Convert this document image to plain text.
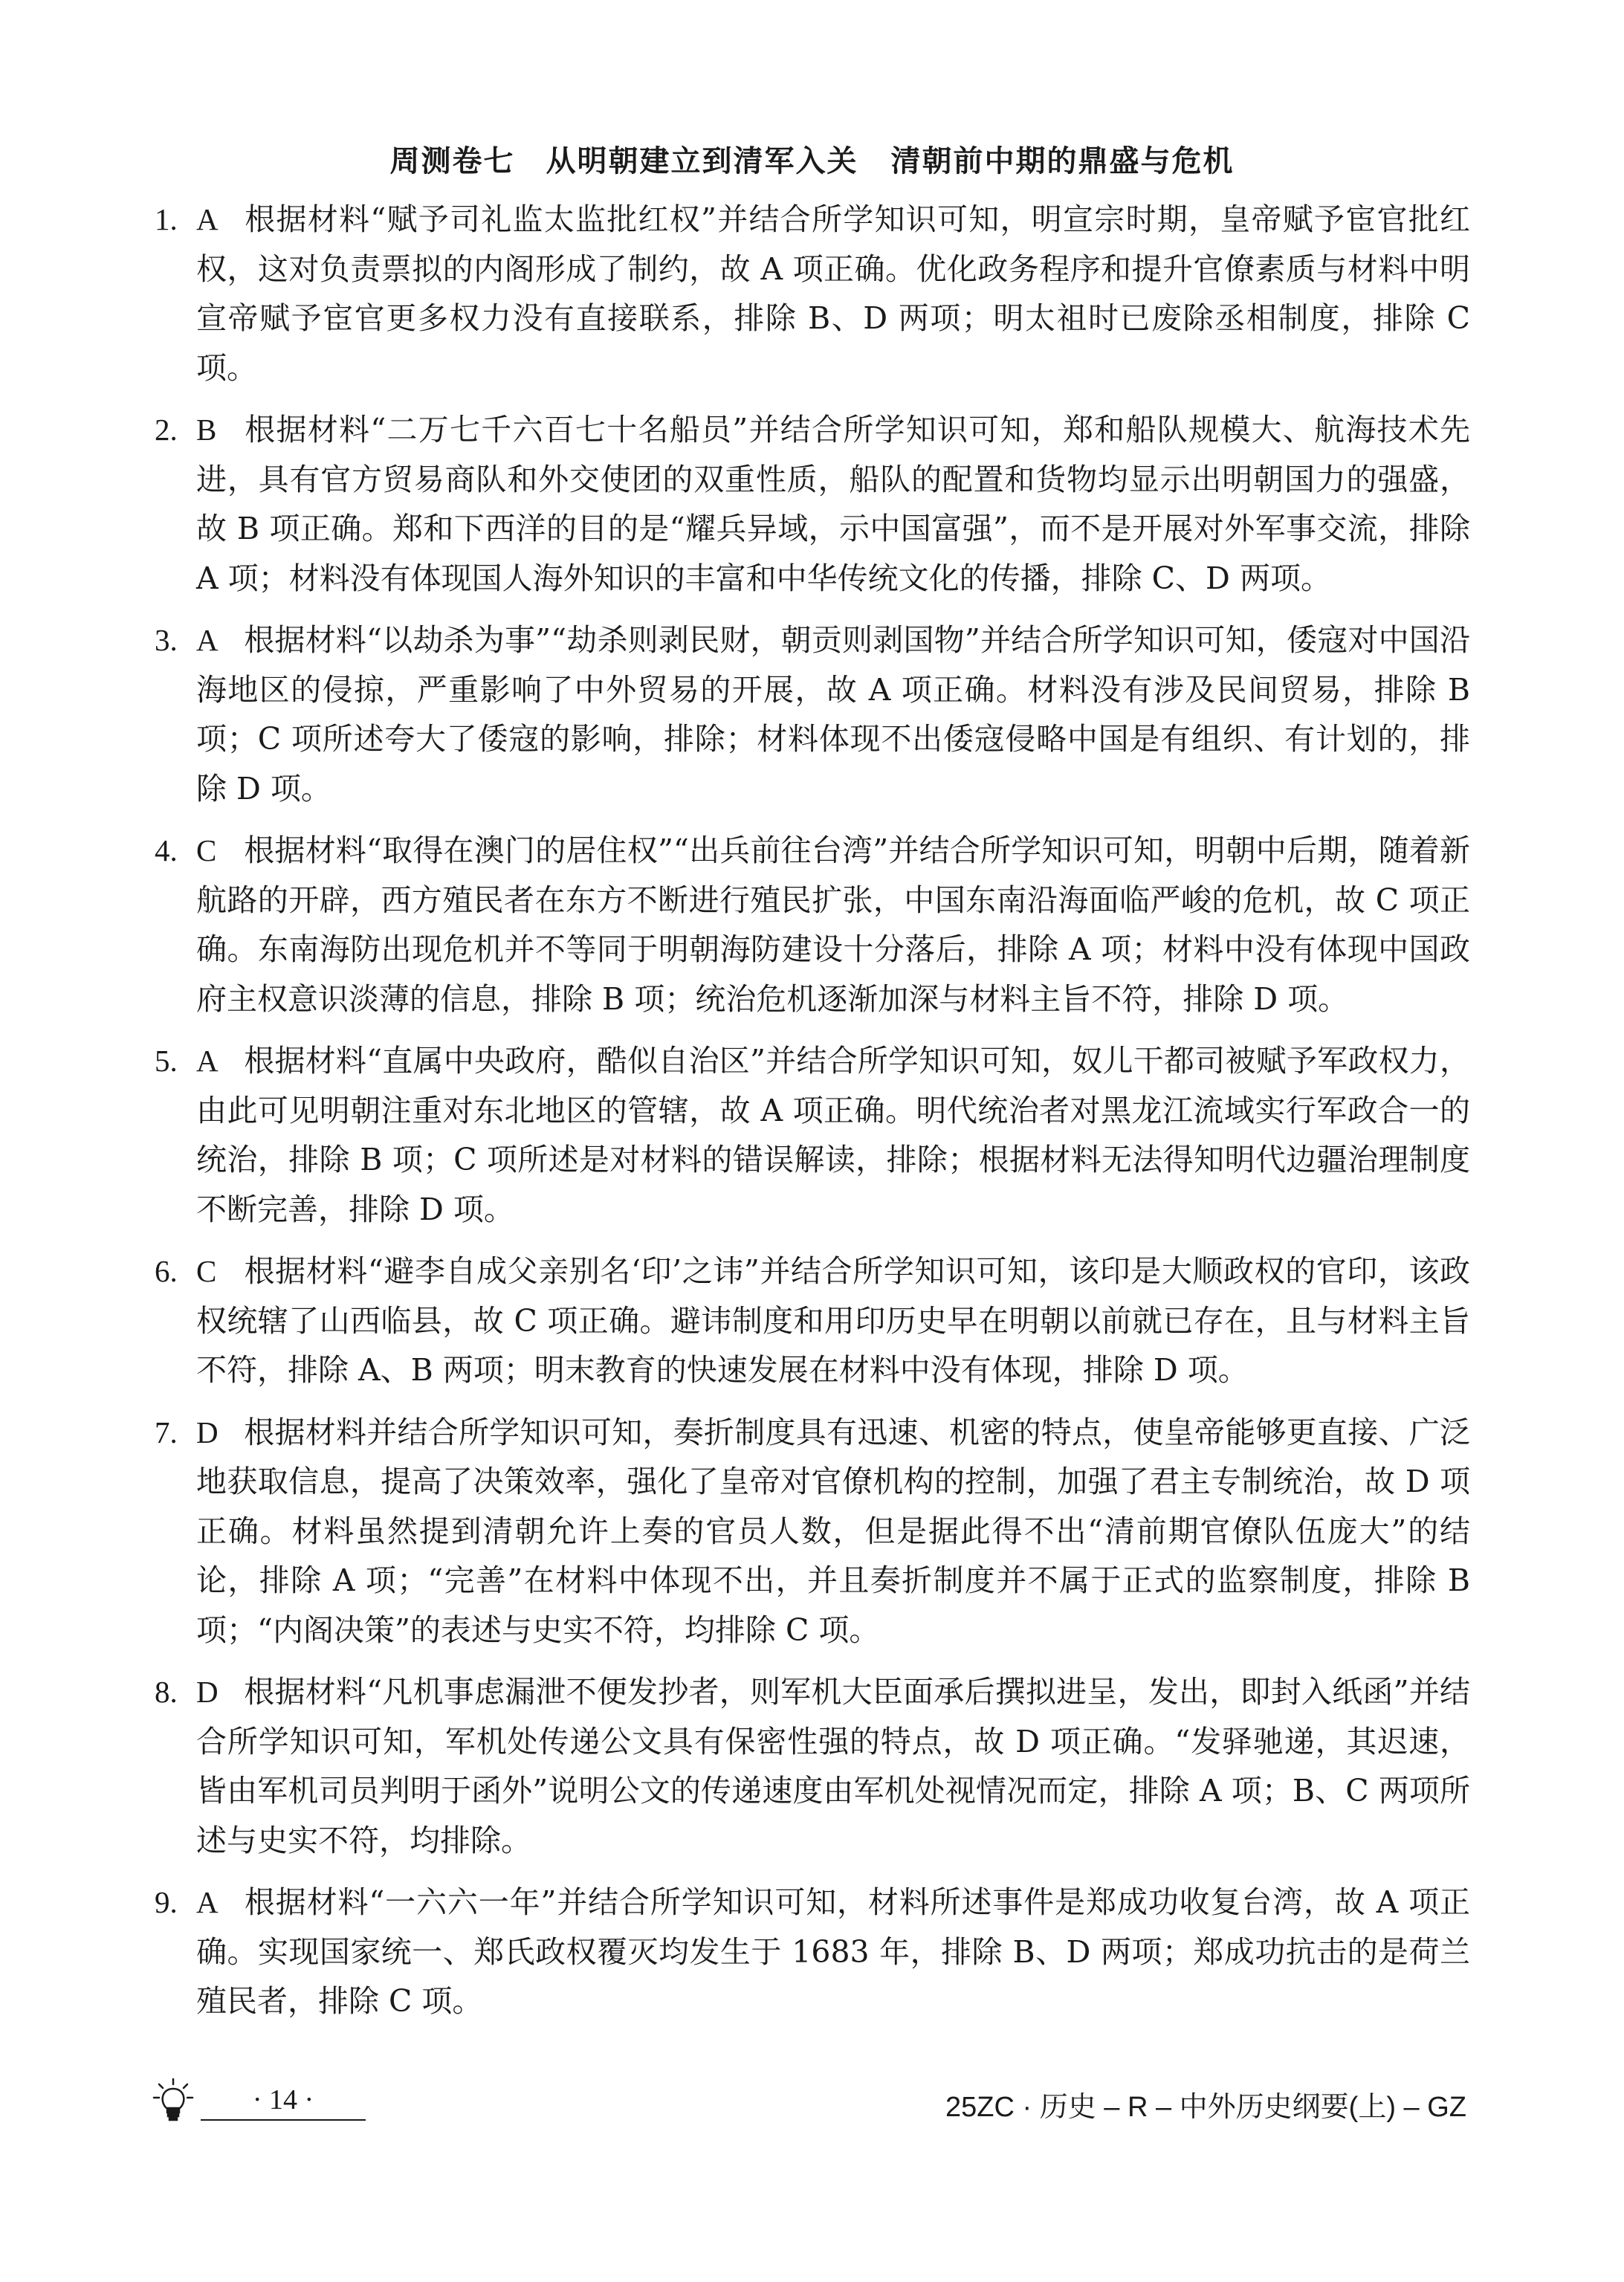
周测卷七　从明朝建立到清军入关 清朝前中期的鼎盛与危机
1. A 根据材料“赋予司礼监太监批红权”并结合所学知识可知，明宣宗时期，皇帝赋予宦官批红权，这对负责票拟的内阁形成了制约，故 A 项正确。优化政务程序和提升官僚素质与材料中明宣帝赋予宦官更多权力没有直接联系，排除 B、D 两项；明太祖时已废除丞相制度，排除 C 项。
2. B 根据材料“二万七千六百七十名船员”并结合所学知识可知，郑和船队规模大、航海技术先进，具有官方贸易商队和外交使团的双重性质，船队的配置和货物均显示出明朝国力的强盛，故 B 项正确。郑和下西洋的目的是“耀兵异域，示中国富强”，而不是开展对外军事交流，排除 A 项；材料没有体现国人海外知识的丰富和中华传统文化的传播，排除 C、D 两项。
3. A 根据材料“以劫杀为事”“劫杀则剥民财，朝贡则剥国物”并结合所学知识可知，倭寇对中国沿海地区的侵掠，严重影响了中外贸易的开展，故 A 项正确。材料没有涉及民间贸易，排除 B 项；C 项所述夸大了倭寇的影响，排除；材料体现不出倭寇侵略中国是有组织、有计划的，排除 D 项。
4. C 根据材料“取得在澳门的居住权”“出兵前往台湾”并结合所学知识可知，明朝中后期，随着新航路的开辟，西方殖民者在东方不断进行殖民扩张，中国东南沿海面临严峻的危机，故 C 项正确。东南海防出现危机并不等同于明朝海防建设十分落后，排除 A 项；材料中没有体现中国政府主权意识淡薄的信息，排除 B 项；统治危机逐渐加深与材料主旨不符，排除 D 项。
5. A 根据材料“直属中央政府，酷似自治区”并结合所学知识可知，奴儿干都司被赋予军政权力，由此可见明朝注重对东北地区的管辖，故 A 项正确。明代统治者对黑龙江流域实行军政合一的统治，排除 B 项；C 项所述是对材料的错误解读，排除；根据材料无法得知明代边疆治理制度不断完善，排除 D 项。
6. C 根据材料“避李自成父亲别名‘印’之讳”并结合所学知识可知，该印是大顺政权的官印，该政权统辖了山西临县，故 C 项正确。避讳制度和用印历史早在明朝以前就已存在，且与材料主旨不符，排除 A、B 两项；明末教育的快速发展在材料中没有体现，排除 D 项。
7. D 根据材料并结合所学知识可知，奏折制度具有迅速、机密的特点，使皇帝能够更直接、广泛地获取信息，提高了决策效率，强化了皇帝对官僚机构的控制，加强了君主专制统治，故 D 项正确。材料虽然提到清朝允许上奏的官员人数，但是据此得不出“清前期官僚队伍庞大”的结论，排除 A 项；“完善”在材料中体现不出，并且奏折制度并不属于正式的监察制度，排除 B 项；“内阁决策”的表述与史实不符，均排除 C 项。
8. D 根据材料“凡机事虑漏泄不便发抄者，则军机大臣面承后撰拟进呈，发出，即封入纸函”并结合所学知识可知，军机处传递公文具有保密性强的特点，故 D 项正确。“发驿驰递，其迟速，皆由军机司员判明于函外”说明公文的传递速度由军机处视情况而定，排除 A 项；B、C 两项所述与史实不符，均排除。
9. A 根据材料“一六六一年”并结合所学知识可知，材料所述事件是郑成功收复台湾，故 A 项正确。实现国家统一、郑氏政权覆灭均发生于 1683 年，排除 B、D 两项；郑成功抗击的是荷兰殖民者，排除 C 项。
· 14 ·	25ZC · 历史 – R – 中外历史纲要(上) – GZ
